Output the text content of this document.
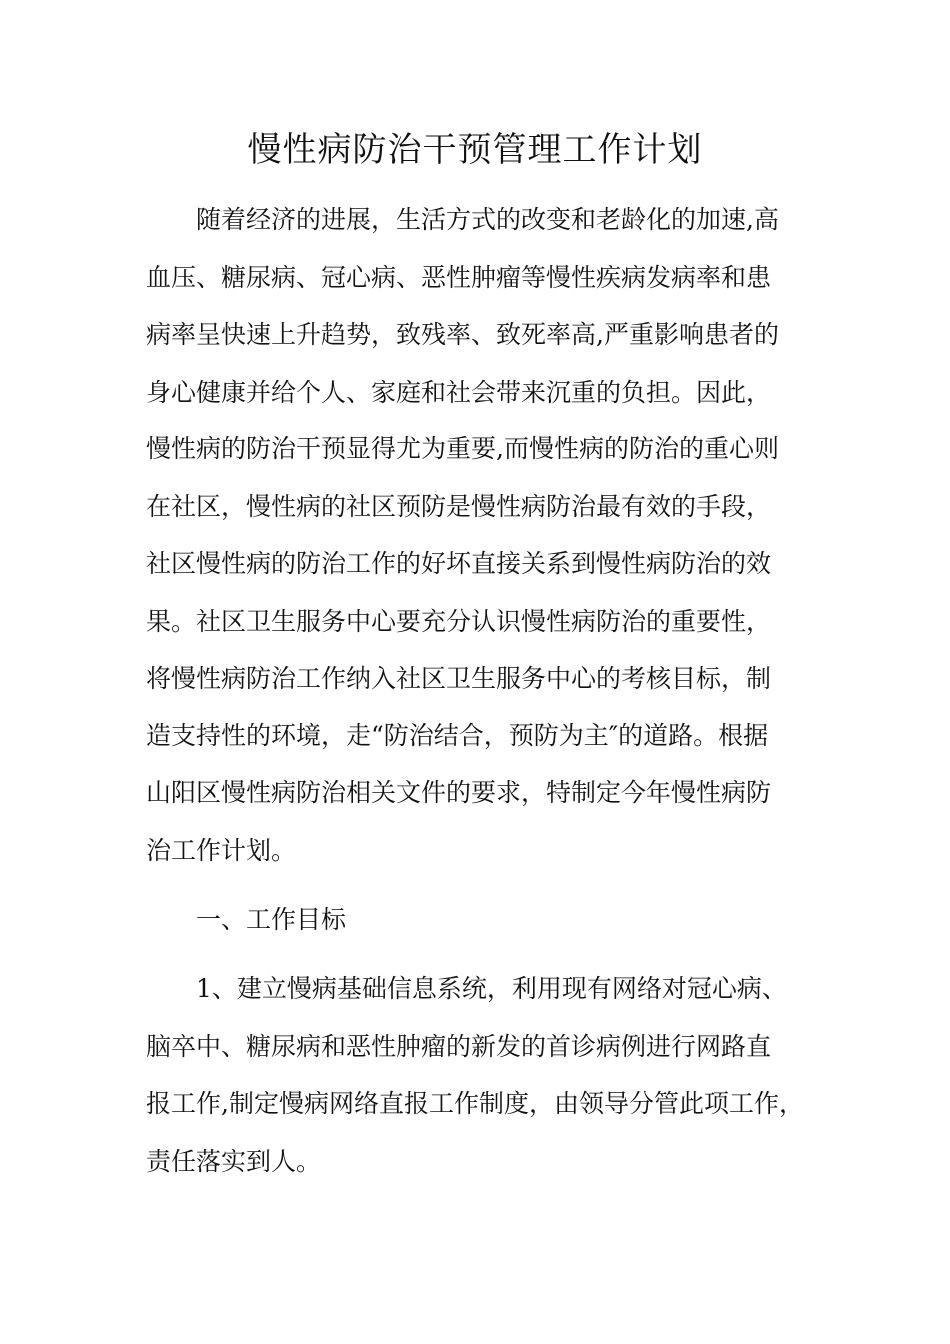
慢性病防治干预管理工作计划

随着经济的进展，生活方式的改变和老龄化的加速,高

血压、糖尿病、冠心病、恶性肿瘤等慢性疾病发病率和患

病率呈快速上升趋势，致残率、致死率高,严重影响患者的

身心健康并给个人、家庭和社会带来沉重的负担。因此，

慢性病的防治干预显得尤为重要,而慢性病的防治的重心则

在社区，慢性病的社区预防是慢性病防治最有效的手段，

社区慢性病的防治工作的好坏直接关系到慢性病防治的效

果。社区卫生服务中心要充分认识慢性病防治的重要性，

将慢性病防治工作纳入社区卫生服务中心的考核目标，制

造支持性的环境，走“防治结合，预防为主″的道路。根据

山阳区慢性病防治相关文件的要求，特制定今年慢性病防

治工作计划。

一、工作目标

1、建立慢病基础信息系统，利用现有网络对冠心病、

脑卒中、糖尿病和恶性肿瘤的新发的首诊病例进行网路直

报工作,制定慢病网络直报工作制度，由领导分管此项工作，

责任落实到人。
